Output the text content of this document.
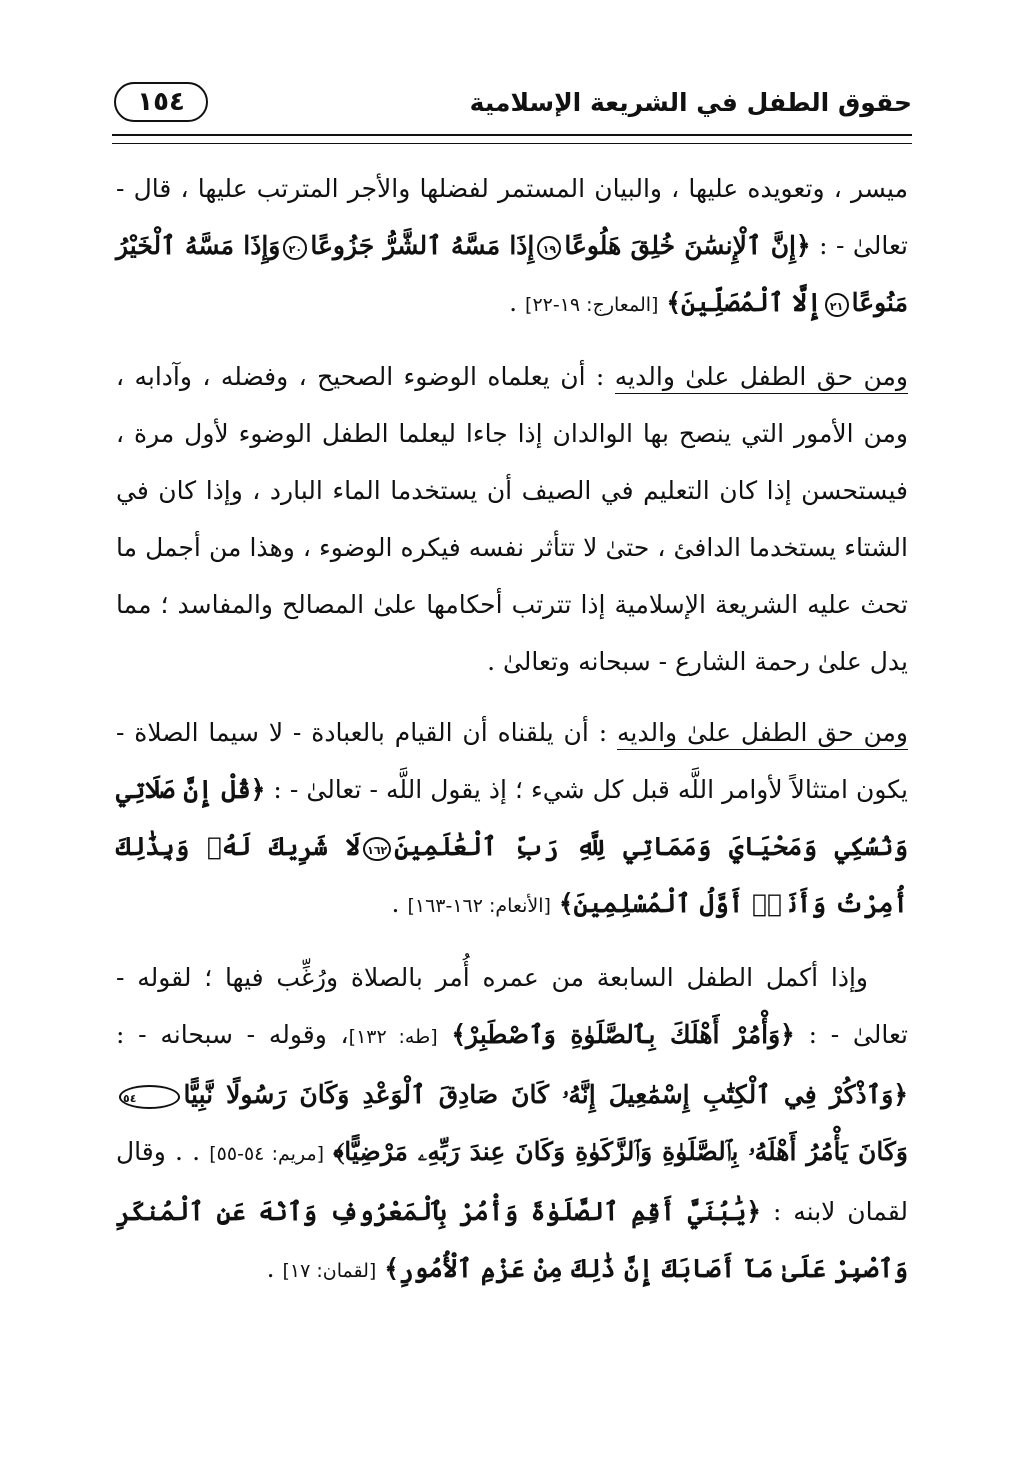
١٥٤	حقوق الطفل في الشريعة الإسلامية

ميسر ، وتعويده عليها ، والبيان المستمر لفضلها والأجر المترتب عليها ، قال - تعالىٰ - : ﴿إِنَّ ٱلْإِنسَٰنَ خُلِقَ هَلُوعًا١٩إِذَا مَسَّهُ ٱلشَّرُّ جَزُوعًا٢٠وَإِذَا مَسَّهُ ٱلْخَيْرُ مَنُوعًا٢١إِلَّا ٱلْمُصَلِّينَ﴾ [المعارج: ١٩-٢٢] .

ومن حق الطفل علىٰ والديه : أن يعلماه الوضوء الصحيح ، وفضله ، وآدابه ، ومن الأمور التي ينصح بها الوالدان إذا جاءا ليعلما الطفل الوضوء لأول مرة ، فيستحسن إذا كان التعليم في الصيف أن يستخدما الماء البارد ، وإذا كان في الشتاء يستخدما الدافئ ، حتىٰ لا تتأثر نفسه فيكره الوضوء ، وهذا من أجمل ما تحث عليه الشريعة الإسلامية إذا تترتب أحكامها علىٰ المصالح والمفاسد ؛ مما يدل علىٰ رحمة الشارع - سبحانه وتعالىٰ .

ومن حق الطفل علىٰ والديه : أن يلقناه أن القيام بالعبادة - لا سيما الصلاة - يكون امتثالاً لأوامر اللَّه قبل كل شيء ؛ إذ يقول اللَّه - تعالىٰ - : ﴿قُلْ إِنَّ صَلَاتِي وَنُسُكِي وَمَحْيَايَ وَمَمَاتِي لِلَّهِ رَبِّ ٱلْعَٰلَمِينَ١٦٢لَا شَرِيكَ لَهُۥ وَبِذَٰلِكَ أُمِرْتُ وَأَنَا۠ أَوَّلُ ٱلْمُسْلِمِينَ﴾ [الأنعام: ١٦٢-١٦٣] .

وإذا أكمل الطفل السابعة من عمره أُمر بالصلاة ورُغِّب فيها ؛ لقوله - تعالىٰ - : ﴿وَأْمُرْ أَهْلَكَ بِٱلصَّلَوٰةِ وَٱصْطَبِرْ﴾ [طه: ١٣٢]، وقوله - سبحانه - : ﴿وَٱذْكُرْ فِي ٱلْكِتَٰبِ إِسْمَٰعِيلَ إِنَّهُۥ كَانَ صَادِقَ ٱلْوَعْدِ وَكَانَ رَسُولًا نَّبِيًّا٥٤وَكَانَ يَأْمُرُ أَهْلَهُۥ بِٱلصَّلَوٰةِ وَٱلزَّكَوٰةِ وَكَانَ عِندَ رَبِّهِۦ مَرْضِيًّا﴾ [مريم: ٥٤-٥٥] . . وقال لقمان لابنه : ﴿يَٰبُنَيَّ أَقِمِ ٱلصَّلَوٰةَ وَأْمُرْ بِٱلْمَعْرُوفِ وَٱنْهَ عَنِ ٱلْمُنكَرِ وَٱصْبِرْ عَلَىٰ مَآ أَصَابَكَ إِنَّ ذَٰلِكَ مِنْ عَزْمِ ٱلْأُمُورِ﴾ [لقمان: ١٧] .
